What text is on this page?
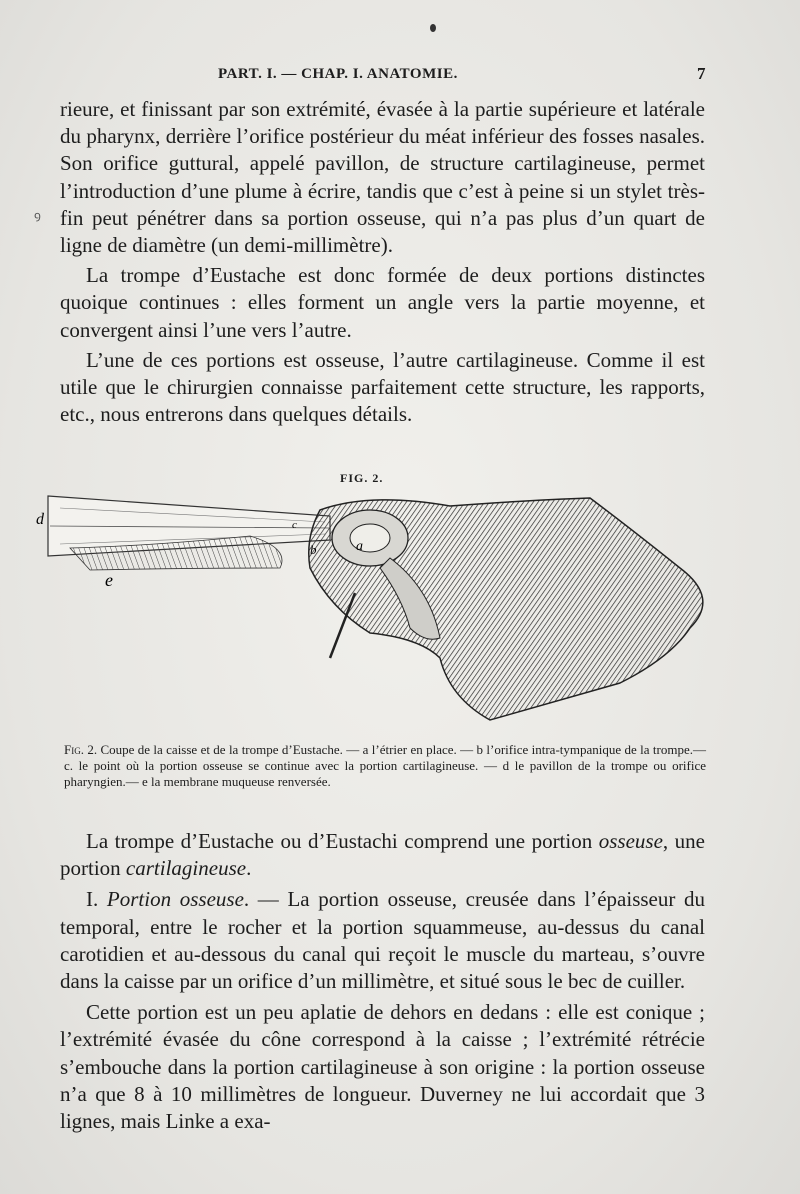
PART. I. — CHAP. I. ANATOMIE.	7
ꝰ

rieure, et finissant par son extrémité, évasée à la partie supérieure et latérale du pharynx, derrière l’orifice postérieur du méat inférieur des fosses nasales. Son orifice guttural, appelé pavillon, de structure cartilagineuse, permet l’introduction d’une plume à écrire, tandis que c’est à peine si un stylet très-fin peut pénétrer dans sa portion osseuse, qui n’a pas plus d’un quart de ligne de diamètre (un demi-millimètre).

La trompe d’Eustache est donc formée de deux portions distinctes quoique continues : elles forment un angle vers la partie moyenne, et convergent ainsi l’une vers l’autre.

L’une de ces portions est osseuse, l’autre cartilagineuse. Comme il est utile que le chirurgien connaisse parfaitement cette structure, les rapports, etc., nous entrerons dans quelques détails.

FIG. 2.
d
e
a
b
c
Fig. 2. Coupe de la caisse et de la trompe d’Eustache. — a l’étrier en place. — b l’orifice intra-tympanique de la trompe.— c. le point où la portion osseuse se continue avec la portion cartilagineuse. — d le pavillon de la trompe ou orifice pharyngien.— e la membrane muqueuse renversée.

La trompe d’Eustache ou d’Eustachi comprend une portion osseuse, une portion cartilagineuse.

I. Portion osseuse. — La portion osseuse, creusée dans l’épaisseur du temporal, entre le rocher et la portion squammeuse, au-dessus du canal carotidien et au-dessous du canal qui reçoit le muscle du marteau, s’ouvre dans la caisse par un orifice d’un millimètre, et situé sous le bec de cuiller.

Cette portion est un peu aplatie de dehors en dedans : elle est conique ; l’extrémité évasée du cône correspond à la caisse ; l’extrémité rétrécie s’embouche dans la portion cartilagineuse à son origine : la portion osseuse n’a que 8 à 10 millimètres de longueur. Duverney ne lui accordait que 3 lignes, mais Linke a exa-
